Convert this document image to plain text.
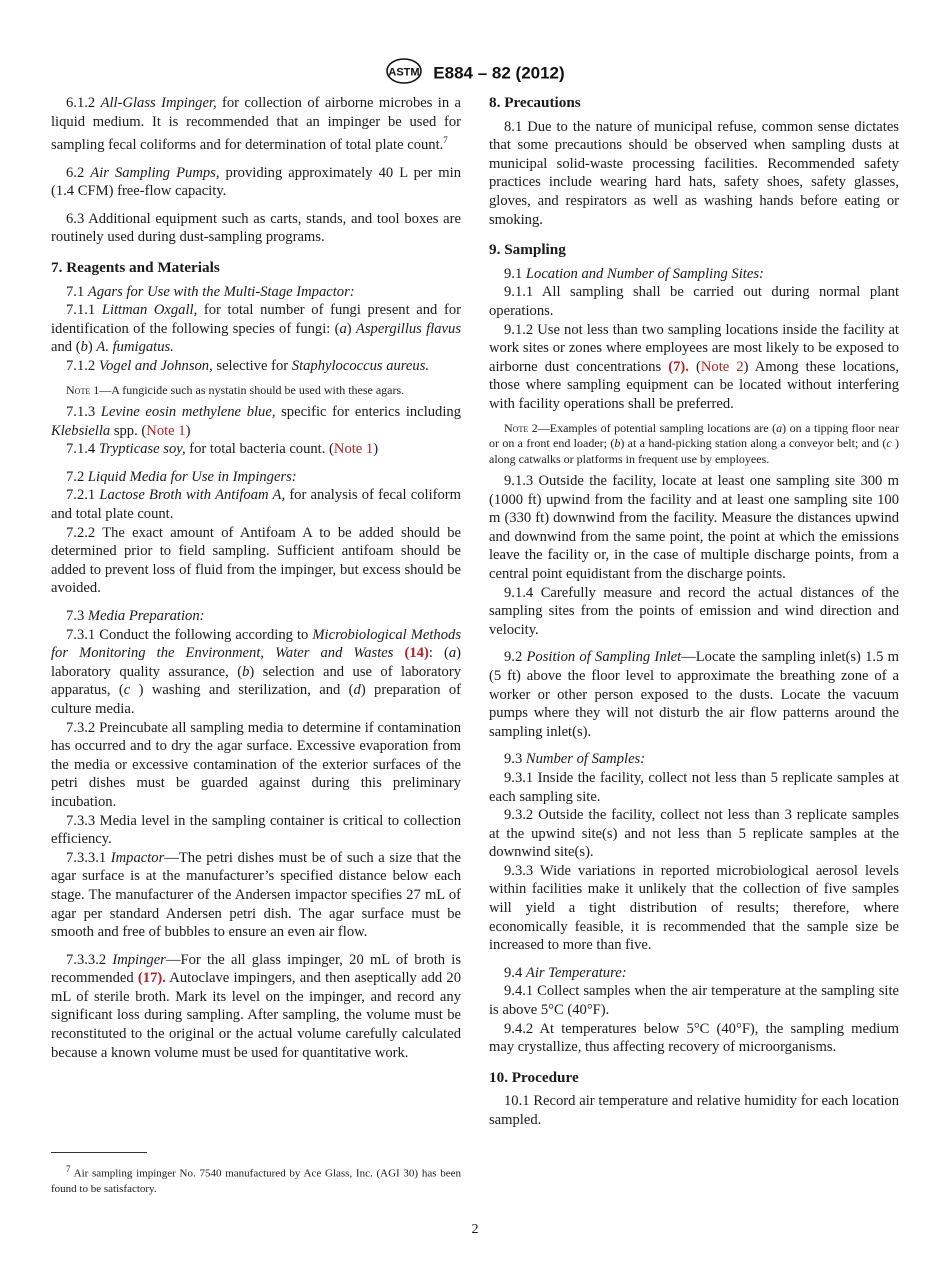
ASTM E884 – 82 (2012)

6.1.2 All-Glass Impinger, for collection of airborne microbes in a liquid medium. It is recommended that an impinger be used for sampling fecal coliforms and for determination of total plate count.$^7$

6.2 Air Sampling Pumps, providing approximately 40 L per min (1.4 CFM) free-flow capacity.

6.3 Additional equipment such as carts, stands, and tool boxes are routinely used during dust-sampling programs.

7. Reagents and Materials

7.1 Agars for Use with the Multi-Stage Impactor:

7.1.1 Littman Oxgall, for total number of fungi present and for identification of the following species of fungi: (a) Aspergillus flavus and (b) A. fumigatus.

7.1.2 Vogel and Johnson, selective for Staphylococcus aureus.

Note 1—A fungicide such as nystatin should be used with these agars.

7.1.3 Levine eosin methylene blue, specific for enterics including Klebsiella spp. (Note 1)

7.1.4 Trypticase soy, for total bacteria count. (Note 1)

7.2 Liquid Media for Use in Impingers:

7.2.1 Lactose Broth with Antifoam A, for analysis of fecal coliform and total plate count.

7.2.2 The exact amount of Antifoam A to be added should be determined prior to field sampling. Sufficient antifoam should be added to prevent loss of fluid from the impinger, but excess should be avoided.

7.3 Media Preparation:

7.3.1 Conduct the following according to Microbiological Methods for Monitoring the Environment, Water and Wastes (14): (a) laboratory quality assurance, (b) selection and use of laboratory apparatus, (c ) washing and sterilization, and (d) preparation of culture media.

7.3.2 Preincubate all sampling media to determine if contamination has occurred and to dry the agar surface. Excessive evaporation from the media or excessive contamination of the exterior surfaces of the petri dishes must be guarded against during this preliminary incubation.

7.3.3 Media level in the sampling container is critical to collection efficiency.

7.3.3.1 Impactor—The petri dishes must be of such a size that the agar surface is at the manufacturer’s specified distance below each stage. The manufacturer of the Andersen impactor specifies 27 mL of agar per standard Andersen petri dish. The agar surface must be smooth and free of bubbles to ensure an even air flow.

7.3.3.2 Impinger—For the all glass impinger, 20 mL of broth is recommended (17). Autoclave impingers, and then aseptically add 20 mL of sterile broth. Mark its level on the impinger, and record any significant loss during sampling. After sampling, the volume must be reconstituted to the original or the actual volume carefully calculated because a known volume must be used for quantitative work.

$^7$ Air sampling impinger No. 7540 manufactured by Ace Glass, Inc. (AGI 30) has been found to be satisfactory.

8. Precautions

8.1 Due to the nature of municipal refuse, common sense dictates that some precautions should be observed when sampling dusts at municipal solid-waste processing facilities. Recommended safety practices include wearing hard hats, safety shoes, safety glasses, gloves, and respirators as well as washing hands before eating or smoking.

9. Sampling

9.1 Location and Number of Sampling Sites:

9.1.1 All sampling shall be carried out during normal plant operations.

9.1.2 Use not less than two sampling locations inside the facility at work sites or zones where employees are most likely to be exposed to airborne dust concentrations (7). (Note 2) Among these locations, those where sampling equipment can be located without interfering with facility operations shall be preferred.

Note 2—Examples of potential sampling locations are (a) on a tipping floor near or on a front end loader; (b) at a hand-picking station along a conveyor belt; and (c ) along catwalks or platforms in frequent use by employees.

9.1.3 Outside the facility, locate at least one sampling site 300 m (1000 ft) upwind from the facility and at least one sampling site 100 m (330 ft) downwind from the facility. Measure the distances upwind and downwind from the same point, the point at which the emissions leave the facility or, in the case of multiple discharge points, from a central point equidistant from the discharge points.

9.1.4 Carefully measure and record the actual distances of the sampling sites from the points of emission and wind direction and velocity.

9.2 Position of Sampling Inlet—Locate the sampling inlet(s) 1.5 m (5 ft) above the floor level to approximate the breathing zone of a worker or other person exposed to the dusts. Locate the vacuum pumps where they will not disturb the air flow patterns around the sampling inlet(s).

9.3 Number of Samples:

9.3.1 Inside the facility, collect not less than 5 replicate samples at each sampling site.

9.3.2 Outside the facility, collect not less than 3 replicate samples at the upwind site(s) and not less than 5 replicate samples at the downwind site(s).

9.3.3 Wide variations in reported microbiological aerosol levels within facilities make it unlikely that the collection of five samples will yield a tight distribution of results; therefore, where economically feasible, it is recommended that the sample size be increased to more than five.

9.4 Air Temperature:

9.4.1 Collect samples when the air temperature at the sampling site is above 5°C (40°F).

9.4.2 At temperatures below 5°C (40°F), the sampling medium may crystallize, thus affecting recovery of microorganisms.

10. Procedure

10.1 Record air temperature and relative humidity for each location sampled.

2
